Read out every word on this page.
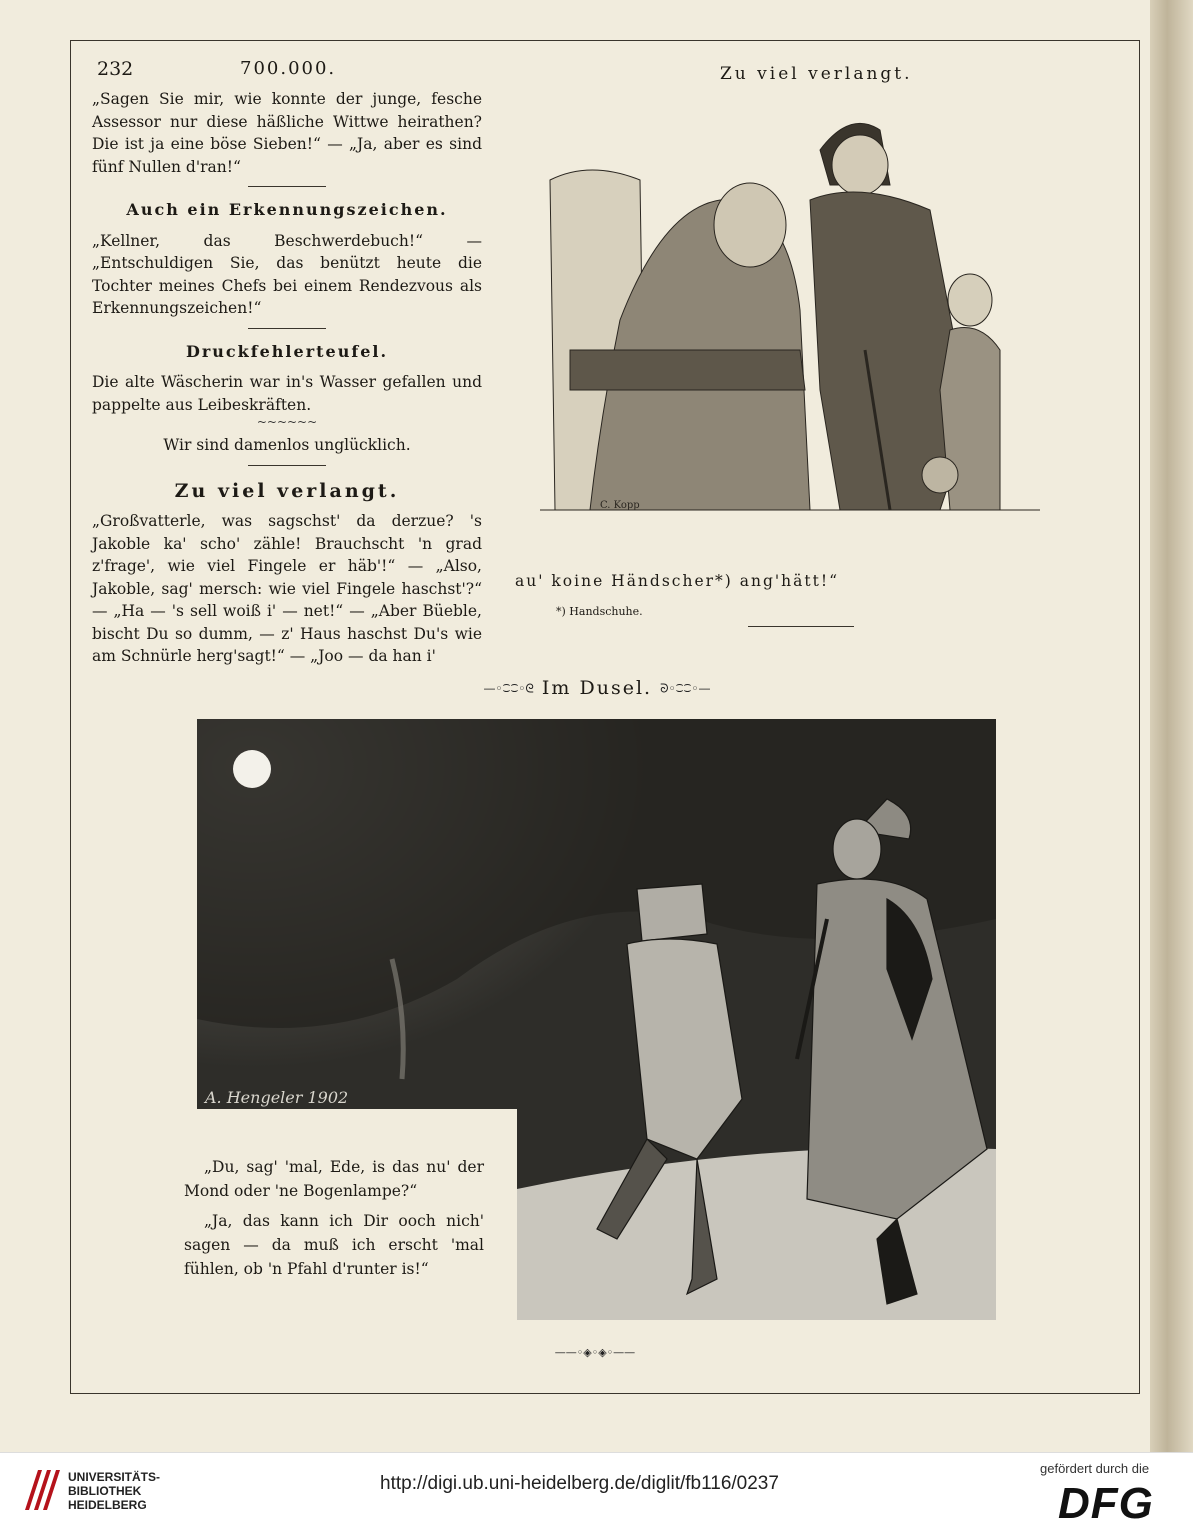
232	700.000.

„Sagen Sie mir, wie konnte der junge, fesche Assessor nur diese häßliche Wittwe heirathen? Die ist ja eine böse Sieben!“ — „Ja, aber es sind fünf Nullen d'ran!“

Auch ein Erkennungszeichen.

„Kellner, das Beschwerdebuch!“ — „Entschuldigen Sie, das benützt heute die Tochter meines Chefs bei einem Rendezvous als Erkennungszeichen!“

Druckfehlerteufel.

Die alte Wäscherin war in's Wasser gefallen und pappelte aus Leibeskräften.

~~~~~~

Wir sind damenlos unglücklich.

Zu viel verlangt.

„Großvatterle, was sagschst' da derzue? 's Jakoble ka' scho' zähle! Brauchscht 'n grad z'frage', wie viel Fingele er häb'!“ — „Also, Jakoble, sag' mersch: wie viel Fingele haschst'?“ — „Ha — 's sell woiß i' — net!“ — „Aber Büeble, bischt Du so dumm, — z' Haus haschst Du's wie am Schnürle herg'sagt!“ — „Joo — da han i'

Zu viel verlangt.
C. Kopp
au' koine Händscher*) ang'hätt!“
*) Handschuhe.
—◦⁐⁐◦ᘓ Im Dusel. ᘐ◦⁐⁐◦—
A. Hengeler 1902

„Du, sag' 'mal, Ede, is das nu' der Mond oder 'ne Bogenlampe?“

„Ja, das kann ich Dir ooch nich' sagen — da muß ich erscht 'mal fühlen, ob 'n Pfahl d'runter is!“

——◦◈◦◈◦——
UNIVERSITÄTS-
BIBLIOTHEK
HEIDELBERG
http://digi.ub.uni-heidelberg.de/diglit/fb116/0237
gefördert durch die
DFG
